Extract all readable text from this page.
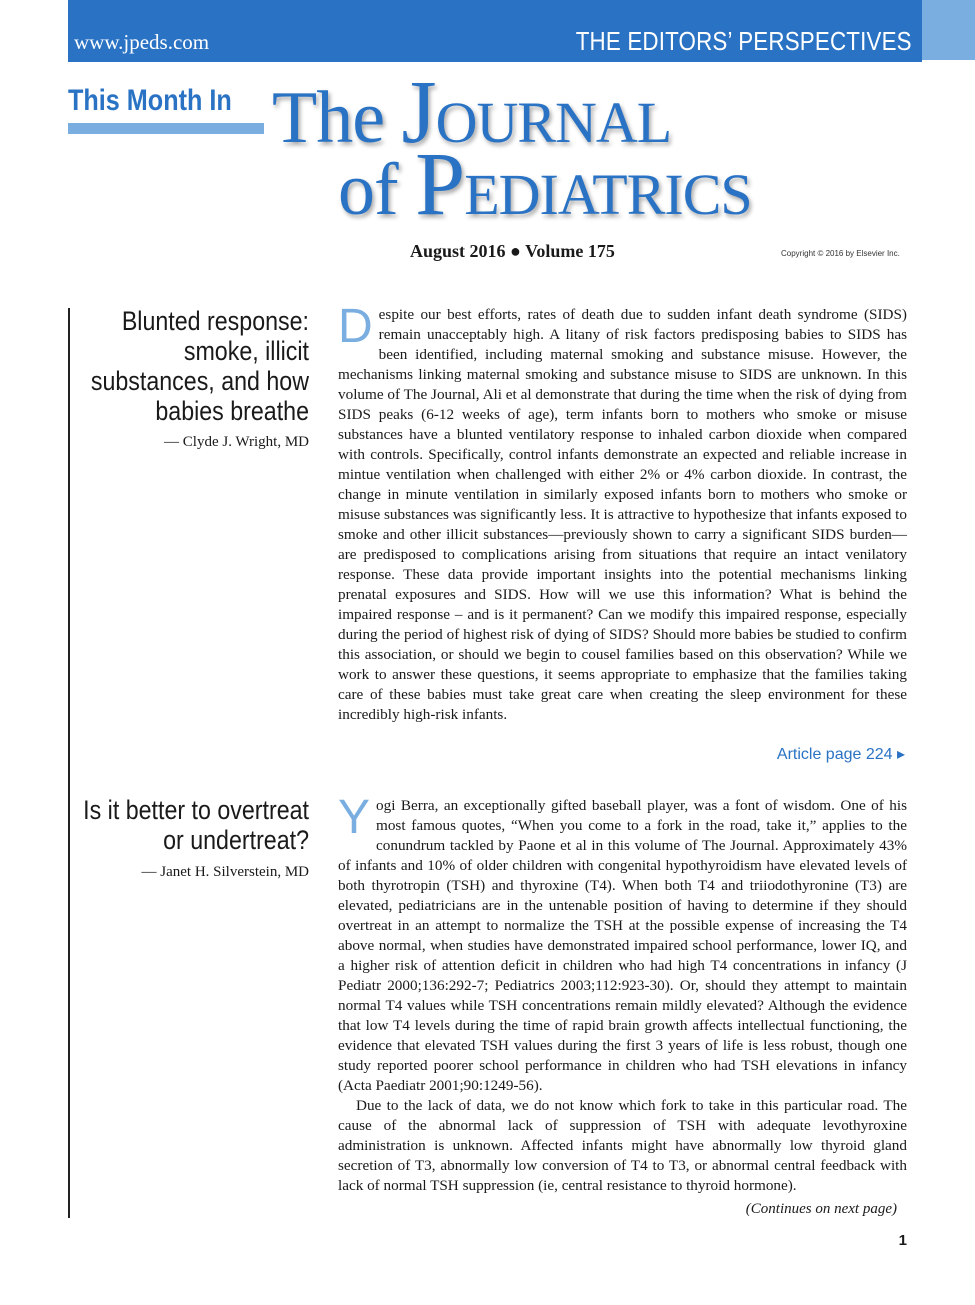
www.jpeds.com	THE EDITORS’ PERSPECTIVES
This Month In The JOURNAL
of PEDIATRICS
August 2016 ● Volume 175	Copyright © 2016 by Elsevier Inc.
Blunted response: smoke, illicit substances, and how babies breathe
— Clyde J. Wright, MD

Despite our best efforts, rates of death due to sudden infant death syndrome (SIDS) remain unacceptably high. A litany of risk factors predisposing babies to SIDS has been identified, including maternal smoking and substance misuse. However, the mechanisms linking maternal smoking and substance misuse to SIDS are unknown. In this volume of The Journal, Ali et al demonstrate that during the time when the risk of dying from SIDS peaks (6-12 weeks of age), term infants born to mothers who smoke or misuse substances have a blunted ventilatory response to inhaled carbon dioxide when compared with controls. Specifically, control infants demonstrate an expected and reliable increase in mintue ventilation when challenged with either 2% or 4% carbon dioxide. In contrast, the change in minute ventilation in similarly exposed infants born to mothers who smoke or misuse substances was significantly less. It is attractive to hypothesize that infants exposed to smoke and other illicit substances—previously shown to carry a significant SIDS burden—are predisposed to complications arising from situations that require an intact venilatory response. These data provide important insights into the potential mechanisms linking prenatal exposures and SIDS. How will we use this information? What is behind the impaired response – and is it permanent? Can we modify this impaired response, especially during the period of highest risk of dying of SIDS? Should more babies be studied to confirm this association, or should we begin to cousel families based on this observation? While we work to answer these questions, it seems appropriate to emphasize that the families taking care of these babies must take great care when creating the sleep environment for these incredibly high-risk infants.

Article page 224 ▸
Is it better to overtreat or undertreat?
— Janet H. Silverstein, MD

Yogi Berra, an exceptionally gifted baseball player, was a font of wisdom. One of his most famous quotes, “When you come to a fork in the road, take it,” applies to the conundrum tackled by Paone et al in this volume of The Journal. Approximately 43% of infants and 10% of older children with congenital hypothyroidism have elevated levels of both thyrotropin (TSH) and thyroxine (T4). When both T4 and triiodothyronine (T3) are elevated, pediatricians are in the untenable position of having to determine if they should overtreat in an attempt to normalize the TSH at the possible expense of increasing the T4 above normal, when studies have demonstrated impaired school performance, lower IQ, and a higher risk of attention deficit in children who had high T4 concentrations in infancy (J Pediatr 2000;136:292-7; Pediatrics 2003;112:923-30). Or, should they attempt to maintain normal T4 values while TSH concentrations remain mildly elevated? Although the evidence that low T4 levels during the time of rapid brain growth affects intellectual functioning, the evidence that elevated TSH values during the first 3 years of life is less robust, though one study reported poorer school performance in children who had TSH elevations in infancy (Acta Paediatr 2001;90:1249-56).

Due to the lack of data, we do not know which fork to take in this particular road. The cause of the abnormal lack of suppression of TSH with adequate levothyroxine administration is unknown. Affected infants might have abnormally low thyroid gland secretion of T3, abnormally low conversion of T4 to T3, or abnormal central feedback with lack of normal TSH suppression (ie, central resistance to thyroid hormone).

(Continues on next page)
1
